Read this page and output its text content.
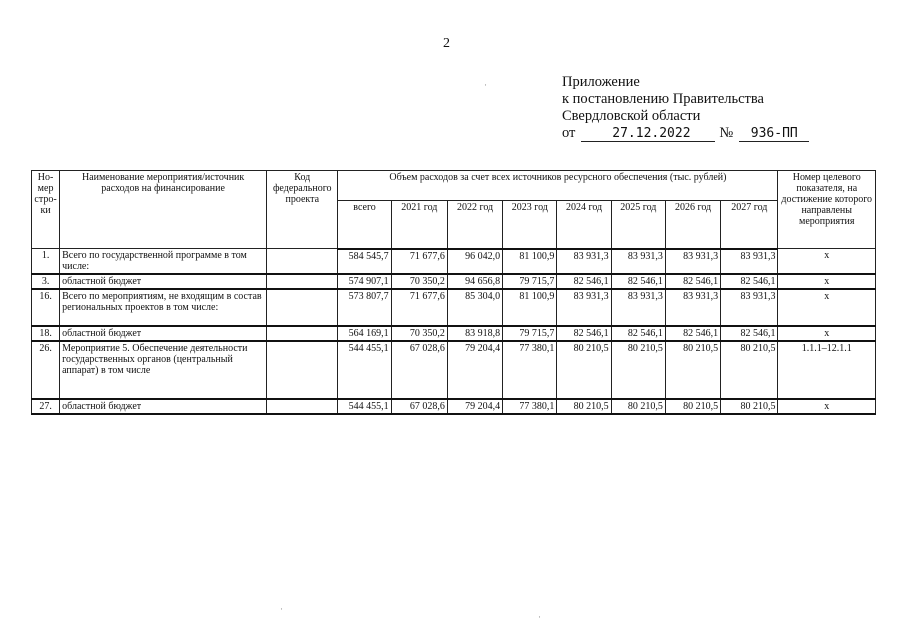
2
Приложение
к постановлению Правительства
Свердловской области
от	27.12.2022	№	936-ПП
Но-мер стро-ки	Наименование мероприятия/источник расходов на финансирование	Код федерального проекта	Объем расходов за счет всех источников ресурсного обеспечения (тыс. рублей)								Номер целевого показателя, на достижение которого направлены мероприятия
			всего	2021 год	2022 год	2023 год	2024 год	2025 год	2026 год	2027 год	
1.	Всего по государственной программе в том числе:		584 545,7	71 677,6	96 042,0	81 100,9	83 931,3	83 931,3	83 931,3	83 931,3	х
3.	областной бюджет		574 907,1	70 350,2	94 656,8	79 715,7	82 546,1	82 546,1	82 546,1	82 546,1	х
16.	Всего по мероприятиям, не входящим в состав региональных проектов в том числе:		573 807,7	71 677,6	85 304,0	81 100,9	83 931,3	83 931,3	83 931,3	83 931,3	х
18.	областной бюджет		564 169,1	70 350,2	83 918,8	79 715,7	82 546,1	82 546,1	82 546,1	82 546,1	х
26.	Мероприятие 5. Обеспечение деятельности государственных органов (центральный аппарат) в том числе		544 455,1	67 028,6	79 204,4	77 380,1	80 210,5	80 210,5	80 210,5	80 210,5	1.1.1–12.1.1
27.	областной бюджет		544 455,1	67 028,6	79 204,4	77 380,1	80 210,5	80 210,5	80 210,5	80 210,5	х
·
·
·
